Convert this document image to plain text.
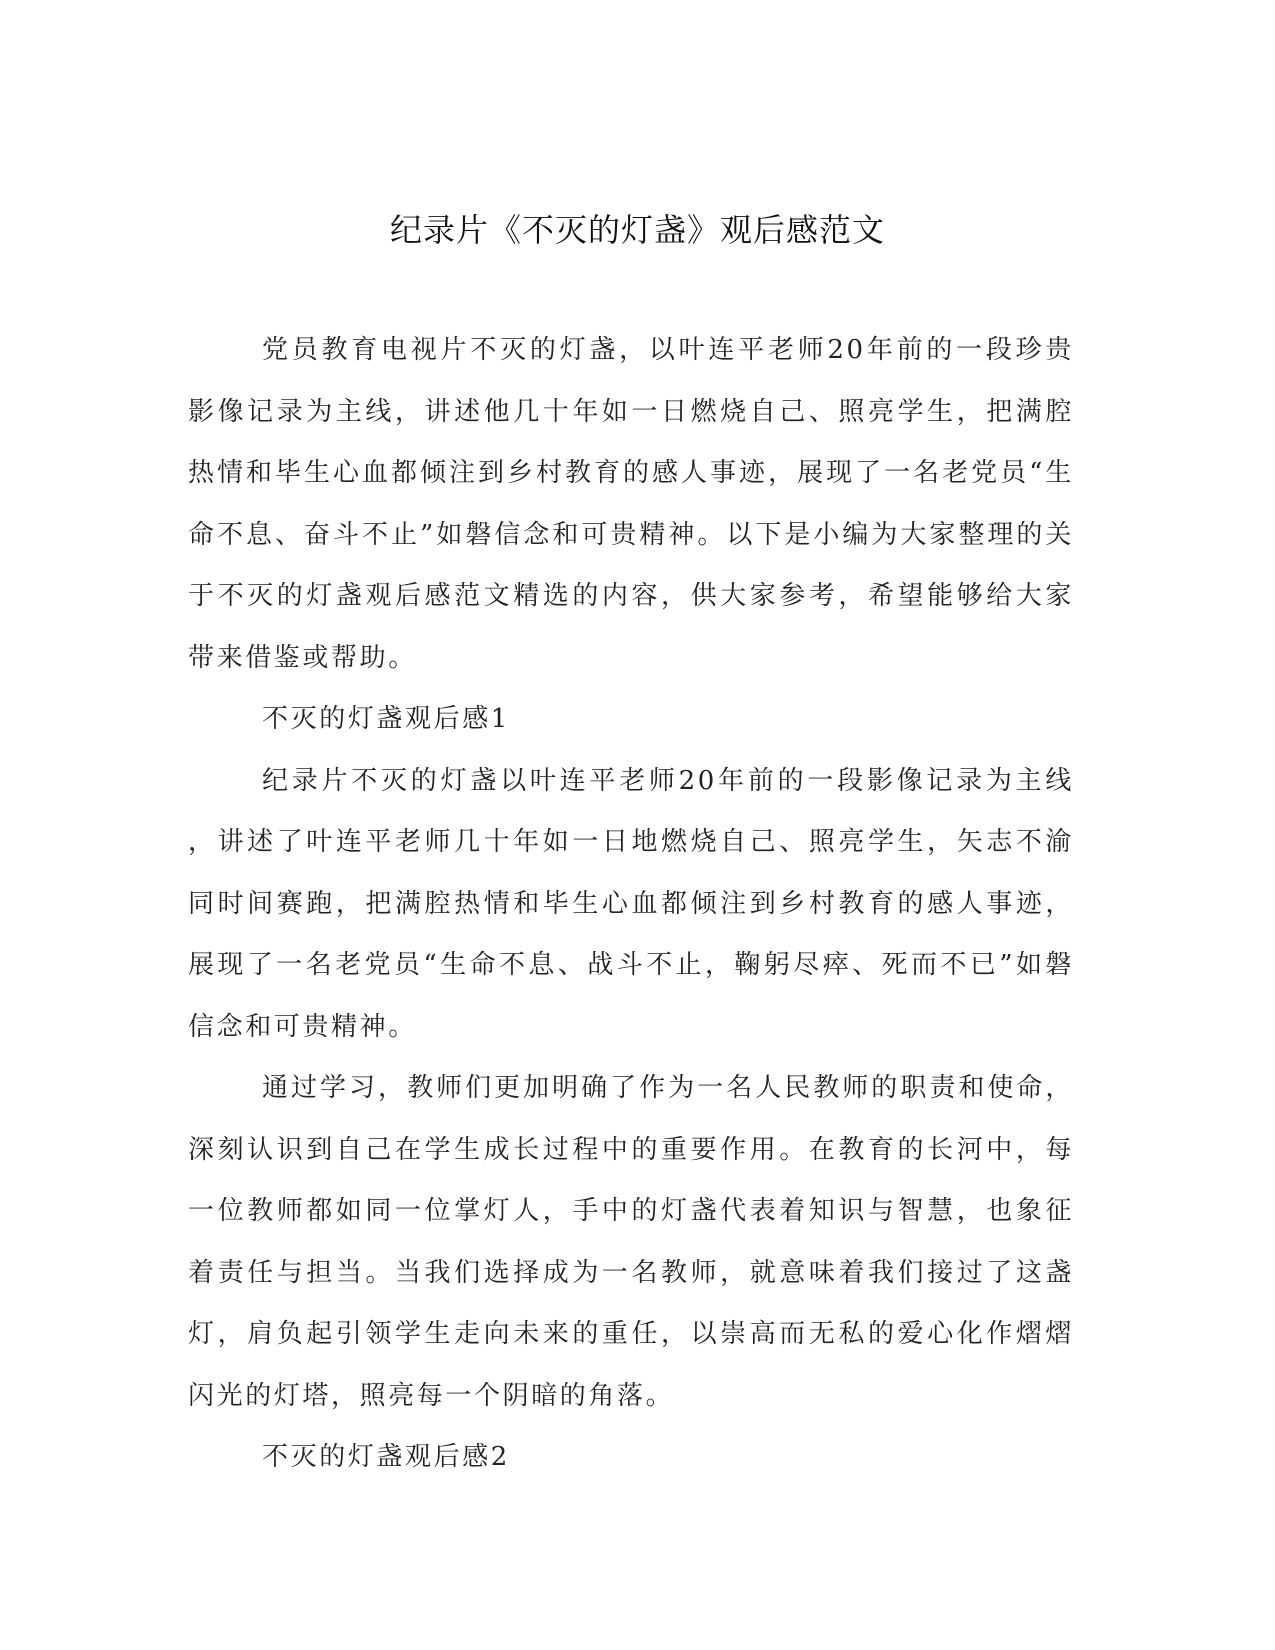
纪录片《不灭的灯盏》观后感范文
党员教育电视片不灭的灯盏，以叶连平老师20年前的一段珍贵
影像记录为主线，讲述他几十年如一日燃烧自己、照亮学生，把满腔
热情和毕生心血都倾注到乡村教育的感人事迹，展现了一名老党员“生
命不息、奋斗不止”如磐信念和可贵精神。以下是小编为大家整理的关
于不灭的灯盏观后感范文精选的内容，供大家参考，希望能够给大家
带来借鉴或帮助。
不灭的灯盏观后感1
纪录片不灭的灯盏以叶连平老师20年前的一段影像记录为主线
，讲述了叶连平老师几十年如一日地燃烧自己、照亮学生，矢志不渝
同时间赛跑，把满腔热情和毕生心血都倾注到乡村教育的感人事迹，
展现了一名老党员“生命不息、战斗不止，鞠躬尽瘁、死而不已”如磐
信念和可贵精神。
通过学习，教师们更加明确了作为一名人民教师的职责和使命，
深刻认识到自己在学生成长过程中的重要作用。在教育的长河中，每
一位教师都如同一位掌灯人，手中的灯盏代表着知识与智慧，也象征
着责任与担当。当我们选择成为一名教师，就意味着我们接过了这盏
灯，肩负起引领学生走向未来的重任，以崇高而无私的爱心化作熠熠
闪光的灯塔，照亮每一个阴暗的角落。
不灭的灯盏观后感2
